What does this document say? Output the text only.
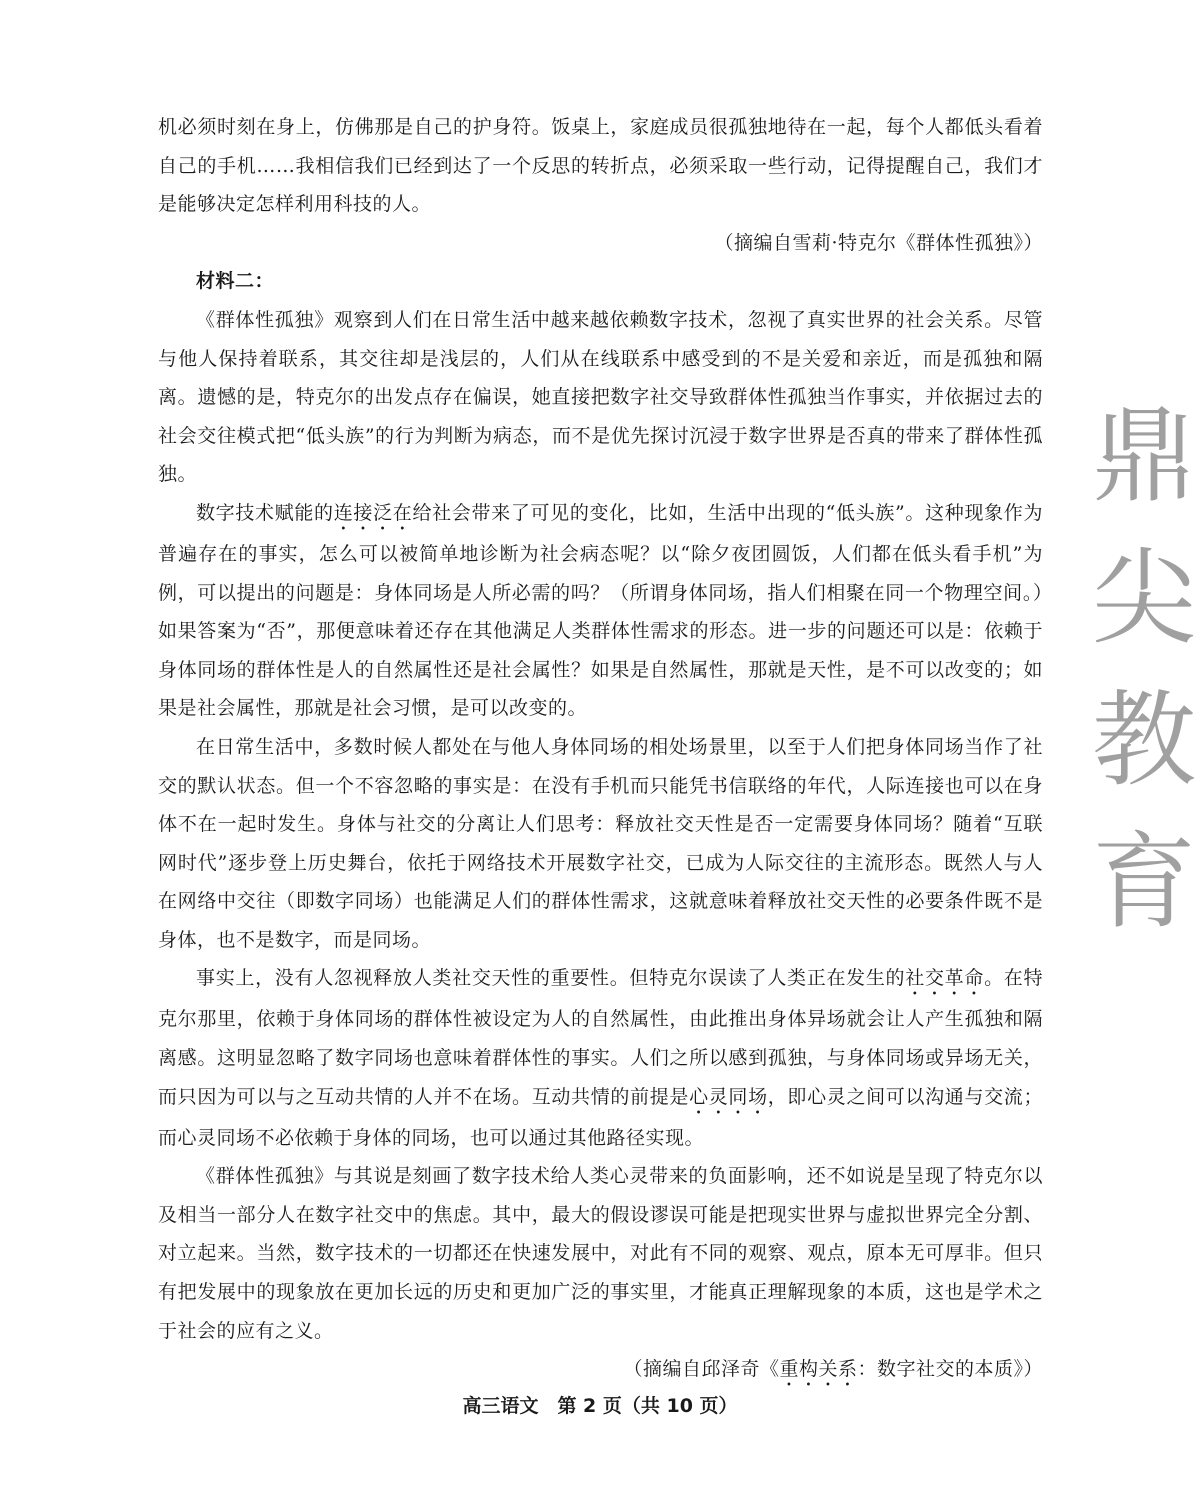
机必须时刻在身上，仿佛那是自己的护身符。饭桌上，家庭成员很孤独地待在一起，每个人都低头看着自己的手机……我相信我们已经到达了一个反思的转折点，必须采取一些行动，记得提醒自己，我们才是能够决定怎样利用科技的人。

（摘编自雪莉·特克尔《群体性孤独》）

材料二：

《群体性孤独》观察到人们在日常生活中越来越依赖数字技术，忽视了真实世界的社会关系。尽管与他人保持着联系，其交往却是浅层的，人们从在线联系中感受到的不是关爱和亲近，而是孤独和隔离。遗憾的是，特克尔的出发点存在偏误，她直接把数字社交导致群体性孤独当作事实，并依据过去的社会交往模式把“低头族”的行为判断为病态，而不是优先探讨沉浸于数字世界是否真的带来了群体性孤独。

数字技术赋能的连接泛在给社会带来了可见的变化，比如，生活中出现的“低头族”。这种现象作为普遍存在的事实，怎么可以被简单地诊断为社会病态呢？以“除夕夜团圆饭，人们都在低头看手机”为例，可以提出的问题是：身体同场是人所必需的吗？（所谓身体同场，指人们相聚在同一个物理空间。）如果答案为“否”，那便意味着还存在其他满足人类群体性需求的形态。进一步的问题还可以是：依赖于身体同场的群体性是人的自然属性还是社会属性？如果是自然属性，那就是天性，是不可以改变的；如果是社会属性，那就是社会习惯，是可以改变的。

在日常生活中，多数时候人都处在与他人身体同场的相处场景里，以至于人们把身体同场当作了社交的默认状态。但一个不容忽略的事实是：在没有手机而只能凭书信联络的年代，人际连接也可以在身体不在一起时发生。身体与社交的分离让人们思考：释放社交天性是否一定需要身体同场？随着“互联网时代”逐步登上历史舞台，依托于网络技术开展数字社交，已成为人际交往的主流形态。既然人与人在网络中交往（即数字同场）也能满足人们的群体性需求，这就意味着释放社交天性的必要条件既不是身体，也不是数字，而是同场。

事实上，没有人忽视释放人类社交天性的重要性。但特克尔误读了人类正在发生的社交革命。在特克尔那里，依赖于身体同场的群体性被设定为人的自然属性，由此推出身体异场就会让人产生孤独和隔离感。这明显忽略了数字同场也意味着群体性的事实。人们之所以感到孤独，与身体同场或异场无关，而只因为可以与之互动共情的人并不在场。互动共情的前提是心灵同场，即心灵之间可以沟通与交流；而心灵同场不必依赖于身体的同场，也可以通过其他路径实现。

《群体性孤独》与其说是刻画了数字技术给人类心灵带来的负面影响，还不如说是呈现了特克尔以及相当一部分人在数字社交中的焦虑。其中，最大的假设谬误可能是把现实世界与虚拟世界完全分割、对立起来。当然，数字技术的一切都还在快速发展中，对此有不同的观察、观点，原本无可厚非。但只有把发展中的现象放在更加长远的历史和更加广泛的事实里，才能真正理解现象的本质，这也是学术之于社会的应有之义。

（摘编自邱泽奇《重构关系：数字社交的本质》）

高三语文　第 2 页（共 10 页）
鼎
尖
教
育
